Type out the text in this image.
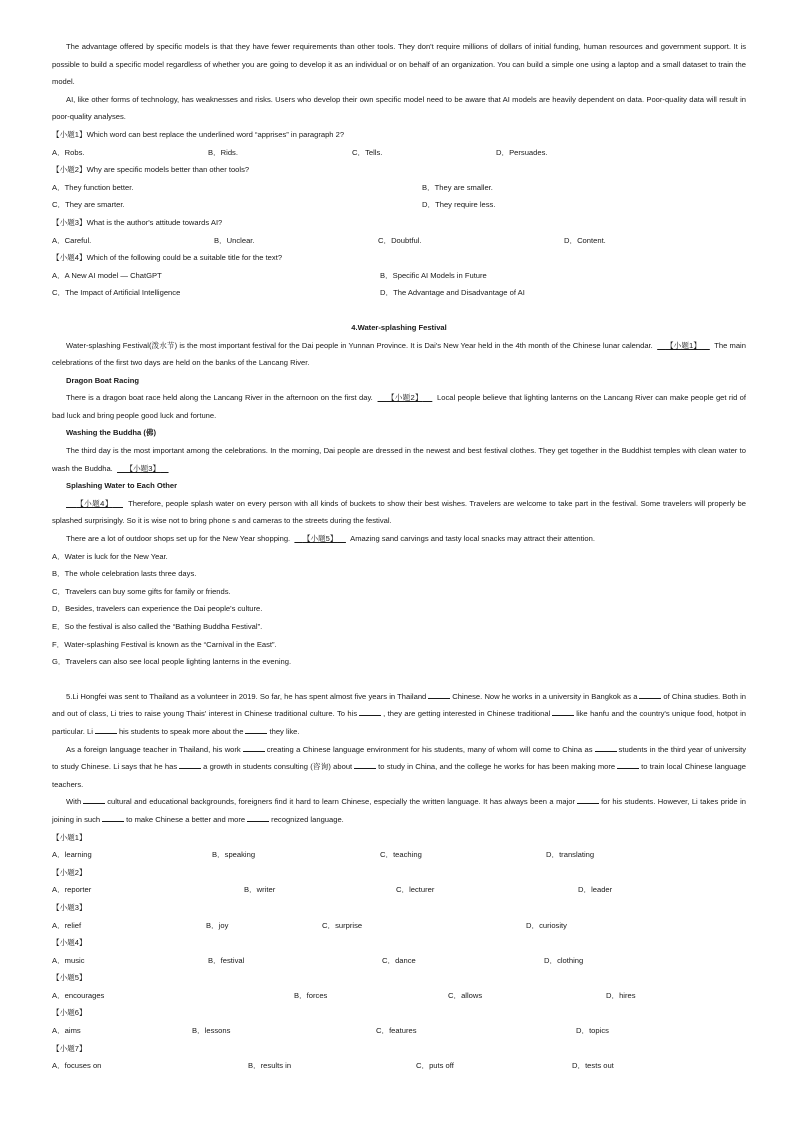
The advantage offered by specific models is that they have fewer requirements than other tools. They don't require millions of dollars of initial funding, human resources and government support. It is possible to build a specific model regardless of whether you are going to develop it as an individual or on behalf of an organization. You can build a simple one using a laptop and a small dataset to train the model.

AI, like other forms of technology, has weaknesses and risks. Users who develop their own specific model need to be aware that AI models are heavily dependent on data. Poor-quality data will result in poor-quality analyses.

【小题1】Which word can best replace the underlined word “apprises” in paragraph 2?

A．Robs.	B．Rids.	C．Tells.	D．Persuades.

【小题2】Why are specific models better than other tools?

A．They function better.	B．They are smaller.
C．They are smarter.	D．They require less.

【小题3】What is the author's attitude towards AI?

A．Careful.	B．Unclear.	C．Doubtful.	D．Content.

【小题4】Which of the following could be a suitable title for the text?

A．A New AI model — ChatGPT	B．Specific AI Models in Future
C．The Impact of Artificial Intelligence	D．The Advantage and Disadvantage of AI

4.Water-splashing Festival

Water-splashing Festival(泼水节) is the most important festival for the Dai people in Yunnan Province. It is Dai's New Year held in the 4th month of the Chinese lunar calendar. 【小题1】 The main celebrations of the first two days are held on the banks of the Lancang River.

Dragon Boat Racing

There is a dragon boat race held along the Lancang River in the afternoon on the first day. 【小题2】 Local people believe that lighting lanterns on the Lancang River can make people get rid of bad luck and bring people good luck and fortune.

Washing the Buddha (佛)

The third day is the most important among the celebrations. In the morning, Dai people are dressed in the newest and best festival clothes. They get together in the Buddhist temples with clean water to wash the Buddha. 【小题3】

Splashing Water to Each Other

【小题4】 Therefore, people splash water on every person with all kinds of buckets to show their best wishes. Travelers are welcome to take part in the festival. Some travelers will properly be splashed surprisingly. So it is wise not to bring phone s and cameras to the streets during the festival.

There are a lot of outdoor shops set up for the New Year shopping. 【小题5】 Amazing sand carvings and tasty local snacks may attract their attention.

A．Water is luck for the New Year.

B．The whole celebration lasts three days.

C．Travelers can buy some gifts for family or friends.

D．Besides, travelers can experience the Dai people's culture.

E．So the festival is also called the “Bathing Buddha Festival”.

F．Water-splashing Festival is known as the “Carnival in the East”.

G．Travelers can also see local people lighting lanterns in the evening.

5.Li Hongfei was sent to Thailand as a volunteer in 2019. So far, he has spent almost five years in Thailand	Chinese. Now he works in a university in Bangkok as a	of China studies. Both in and out of class, Li tries to raise young Thais' interest in Chinese traditional culture. To his	, they are getting interested in Chinese traditional	like hanfu and the country's unique food, hotpot in particular. Li	his students to speak more about the	they like.

As a foreign language teacher in Thailand, his work	creating a Chinese language environment for his students, many of whom will come to China as	students in the third year of university to study Chinese. Li says that he has	a growth in students consulting (咨询) about	to study in China, and the college he works for has been making more	to train local Chinese language teachers.

With	cultural and educational backgrounds, foreigners find it hard to learn Chinese, especially the written language. It has always been a major	for his students. However, Li takes pride in joining in such	to make Chinese a better and more	recognized language.

【小题1】

A．learning	B．speaking	C．teaching	D．translating

【小题2】

A．reporter	B．writer	C．lecturer	D．leader

【小题3】

A．relief	B．joy	C．surprise	D．curiosity

【小题4】

A．music	B．festival	C．dance	D．clothing

【小题5】

A．encourages	B．forces	C．allows	D．hires

【小题6】

A．aims	B．lessons	C．features	D．topics

【小题7】

A．focuses on	B．results in	C．puts off	D．tests out
